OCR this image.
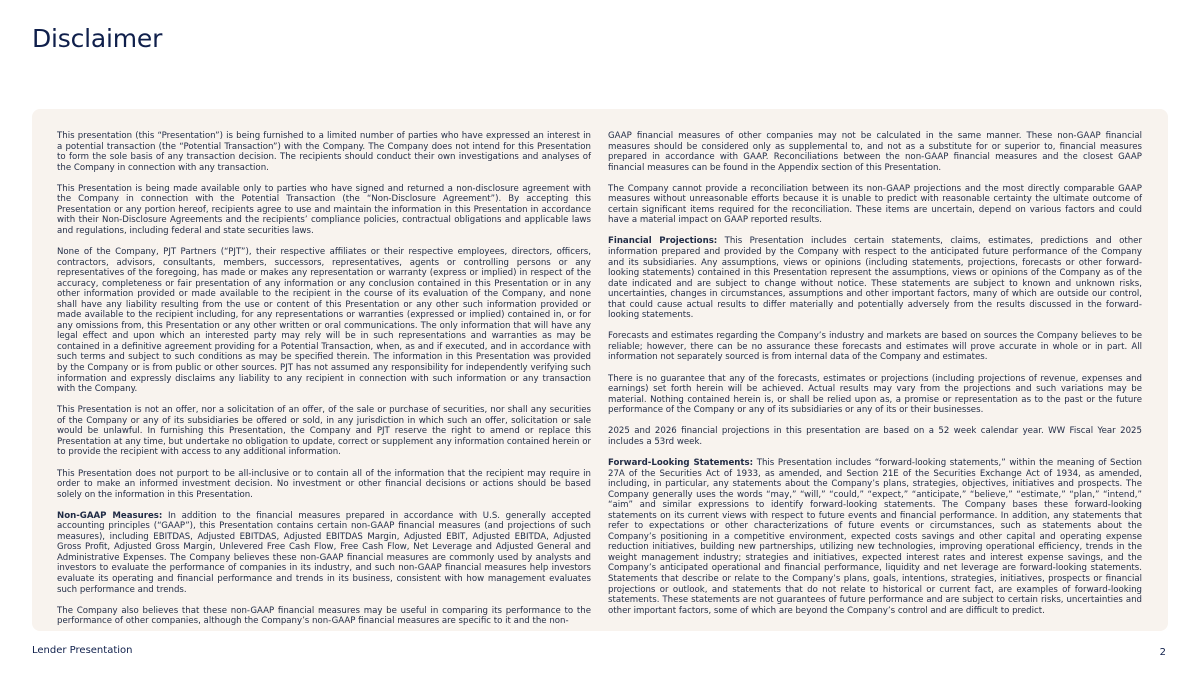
Disclaimer

This presentation (this “Presentation”) is being furnished to a limited number of parties who have expressed an interest in a potential transaction (the “Potential Transaction”) with the Company. The Company does not intend for this Presentation to form the sole basis of any transaction decision. The recipients should conduct their own investigations and analyses of the Company in connection with any transaction.

This Presentation is being made available only to parties who have signed and returned a non-disclosure agreement with the Company in connection with the Potential Transaction (the “Non-Disclosure Agreement”). By accepting this Presentation or any portion hereof, recipients agree to use and maintain the information in this Presentation in accordance with their Non-Disclosure Agreements and the recipients’ compliance policies, contractual obligations and applicable laws and regulations, including federal and state securities laws.

None of the Company, PJT Partners (“PJT”), their respective affiliates or their respective employees, directors, officers, contractors, advisors, consultants, members, successors, representatives, agents or controlling persons or any representatives of the foregoing, has made or makes any representation or warranty (express or implied) in respect of the accuracy, completeness or fair presentation of any information or any conclusion contained in this Presentation or in any other information provided or made available to the recipient in the course of its evaluation of the Company, and none shall have any liability resulting from the use or content of this Presentation or any other such information provided or made available to the recipient including, for any representations or warranties (expressed or implied) contained in, or for any omissions from, this Presentation or any other written or oral communications. The only information that will have any legal effect and upon which an interested party may rely will be in such representations and warranties as may be contained in a definitive agreement providing for a Potential Transaction, when, as and if executed, and in accordance with such terms and subject to such conditions as may be specified therein. The information in this Presentation was provided by the Company or is from public or other sources. PJT has not assumed any responsibility for independently verifying such information and expressly disclaims any liability to any recipient in connection with such information or any transaction with the Company.

This Presentation is not an offer, nor a solicitation of an offer, of the sale or purchase of securities, nor shall any securities of the Company or any of its subsidiaries be offered or sold, in any jurisdiction in which such an offer, solicitation or sale would be unlawful. In furnishing this Presentation, the Company and PJT reserve the right to amend or replace this Presentation at any time, but undertake no obligation to update, correct or supplement any information contained herein or to provide the recipient with access to any additional information.

This Presentation does not purport to be all-inclusive or to contain all of the information that the recipient may require in order to make an informed investment decision. No investment or other financial decisions or actions should be based solely on the information in this Presentation.

Non-GAAP Measures: In addition to the financial measures prepared in accordance with U.S. generally accepted accounting principles (“GAAP”), this Presentation contains certain non-GAAP financial measures (and projections of such measures), including EBITDAS, Adjusted EBITDAS, Adjusted EBITDAS Margin, Adjusted EBIT, Adjusted EBITDA, Adjusted Gross Profit, Adjusted Gross Margin, Unlevered Free Cash Flow, Free Cash Flow, Net Leverage and Adjusted General and Administrative Expenses. The Company believes these non-GAAP financial measures are commonly used by analysts and investors to evaluate the performance of companies in its industry, and such non-GAAP financial measures help investors evaluate its operating and financial performance and trends in its business, consistent with how management evaluates such performance and trends.

The Company also believes that these non-GAAP financial measures may be useful in comparing its performance to the performance of other companies, although the Company’s non-GAAP financial measures are specific to it and the non-

GAAP financial measures of other companies may not be calculated in the same manner. These non-GAAP financial measures should be considered only as supplemental to, and not as a substitute for or superior to, financial measures prepared in accordance with GAAP. Reconciliations between the non-GAAP financial measures and the closest GAAP financial measures can be found in the Appendix section of this Presentation.

The Company cannot provide a reconciliation between its non-GAAP projections and the most directly comparable GAAP measures without unreasonable efforts because it is unable to predict with reasonable certainty the ultimate outcome of certain significant items required for the reconciliation. These items are uncertain, depend on various factors and could have a material impact on GAAP reported results.

Financial Projections: This Presentation includes certain statements, claims, estimates, predictions and other information prepared and provided by the Company with respect to the anticipated future performance of the Company and its subsidiaries. Any assumptions, views or opinions (including statements, projections, forecasts or other forward-looking statements) contained in this Presentation represent the assumptions, views or opinions of the Company as of the date indicated and are subject to change without notice. These statements are subject to known and unknown risks, uncertainties, changes in circumstances, assumptions and other important factors, many of which are outside our control, that could cause actual results to differ materially and potentially adversely from the results discussed in the forward-looking statements.

Forecasts and estimates regarding the Company’s industry and markets are based on sources the Company believes to be reliable; however, there can be no assurance these forecasts and estimates will prove accurate in whole or in part. All information not separately sourced is from internal data of the Company and estimates.

There is no guarantee that any of the forecasts, estimates or projections (including projections of revenue, expenses and earnings) set forth herein will be achieved. Actual results may vary from the projections and such variations may be material. Nothing contained herein is, or shall be relied upon as, a promise or representation as to the past or the future performance of the Company or any of its subsidiaries or any of its or their businesses.

2025 and 2026 financial projections in this presentation are based on a 52 week calendar year. WW Fiscal Year 2025 includes a 53rd week.

Forward-Looking Statements: This Presentation includes “forward-looking statements,” within the meaning of Section 27A of the Securities Act of 1933, as amended, and Section 21E of the Securities Exchange Act of 1934, as amended, including, in particular, any statements about the Company’s plans, strategies, objectives, initiatives and prospects. The Company generally uses the words “may,” “will,” “could,” “expect,” “anticipate,” “believe,” “estimate,” “plan,” “intend,” “aim” and similar expressions to identify forward-looking statements. The Company bases these forward-looking statements on its current views with respect to future events and financial performance. In addition, any statements that refer to expectations or other characterizations of future events or circumstances, such as statements about the Company’s positioning in a competitive environment, expected costs savings and other capital and operating expense reduction initiatives, building new partnerships, utilizing new technologies, improving operational efficiency, trends in the weight management industry; strategies and initiatives, expected interest rates and interest expense savings, and the Company’s anticipated operational and financial performance, liquidity and net leverage are forward-looking statements. Statements that describe or relate to the Company’s plans, goals, intentions, strategies, initiatives, prospects or financial projections or outlook, and statements that do not relate to historical or current fact, are examples of forward-looking statements. These statements are not guarantees of future performance and are subject to certain risks, uncertainties and other important factors, some of which are beyond the Company’s control and are difficult to predict.

Lender Presentation	2
